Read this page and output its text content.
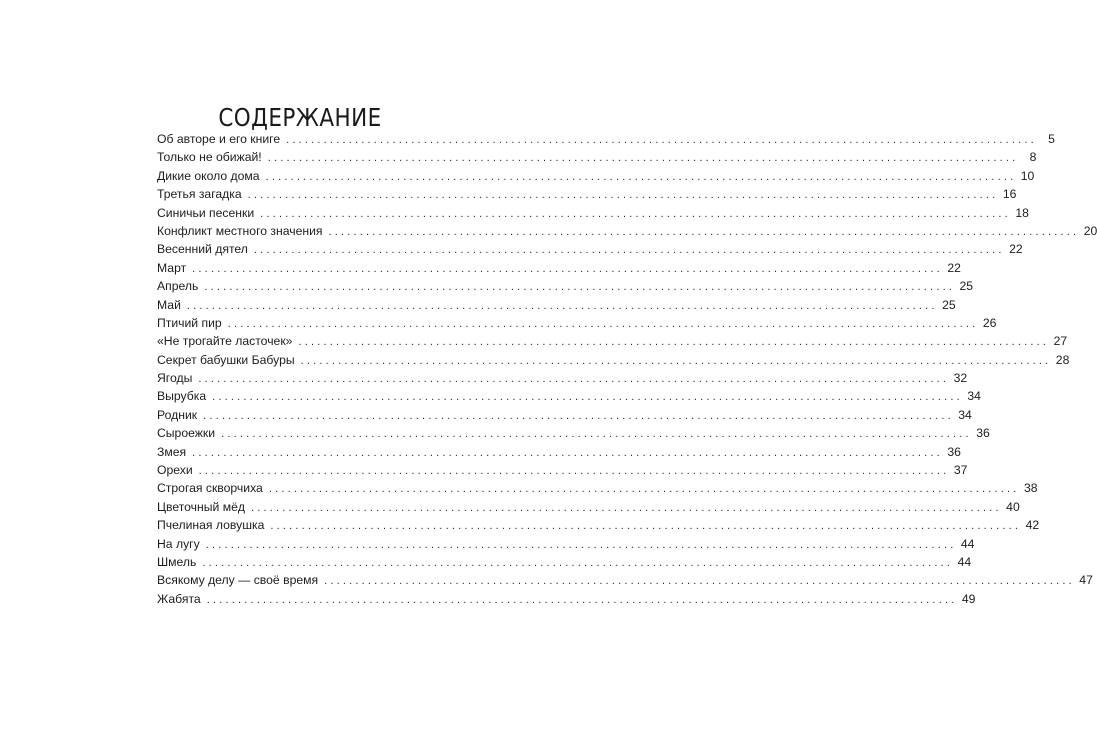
СОДЕРЖАНИЕ
Об авторе и его книге ........................................................................................................................ 5
Только не обижай! ........................................................................................................................ 8
Дикие около дома ........................................................................................................................ 10
Третья загадка ........................................................................................................................ 16
Синичьи песенки ........................................................................................................................ 18
Конфликт местного значения ........................................................................................................................ 20
Весенний дятел ........................................................................................................................ 22
Март ........................................................................................................................ 22
Апрель ........................................................................................................................ 25
Май ........................................................................................................................ 25
Птичий пир ........................................................................................................................ 26
«Не трогайте ласточек» ........................................................................................................................ 27
Секрет бабушки Бабуры ........................................................................................................................ 28
Ягоды ........................................................................................................................ 32
Вырубка ........................................................................................................................ 34
Родник ........................................................................................................................ 34
Сыроежки ........................................................................................................................ 36
Змея ........................................................................................................................ 36
Орехи ........................................................................................................................ 37
Строгая скворчиха ........................................................................................................................ 38
Цветочный мёд ........................................................................................................................ 40
Пчелиная ловушка ........................................................................................................................ 42
На лугу ........................................................................................................................ 44
Шмель ........................................................................................................................ 44
Всякому делу — своё время ........................................................................................................................ 47
Жабята ........................................................................................................................ 49
